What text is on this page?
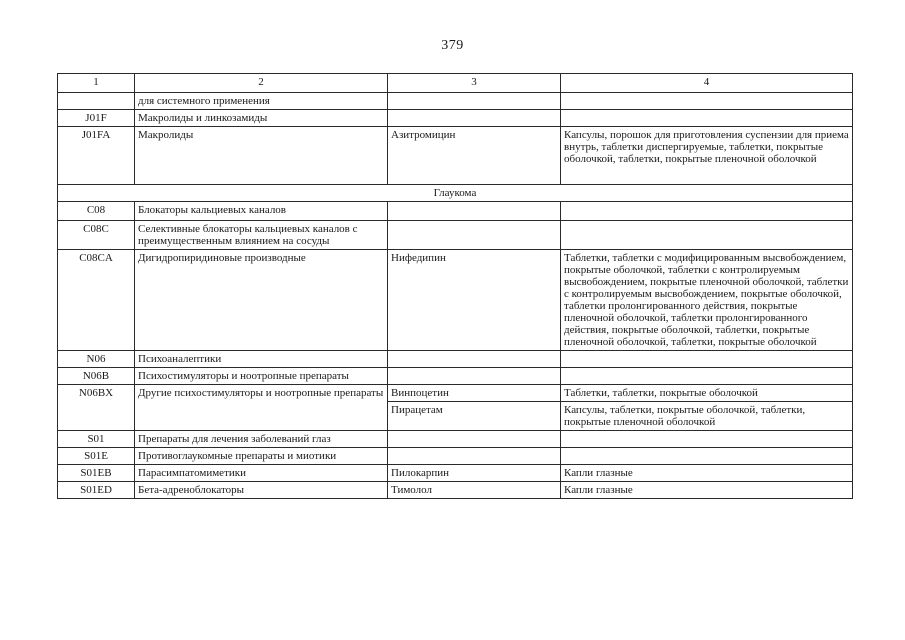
379
1	2	3	4
	для системного применения		
J01F	Макролиды и линкозамиды		
J01FA	Макролиды	Азитромицин	Капсулы, порошок для приготовления суспензии для приема внутрь, таблетки диспергируемые, таблетки, покрытые оболочкой, таблетки, покрытые пленочной оболочкой
Глаукома			
C08	Блокаторы кальциевых каналов		
C08C	Селективные блокаторы кальциевых каналов с преимущественным влиянием на сосуды		
C08CA	Дигидропиридиновые производные	Нифедипин	Таблетки, таблетки с модифицированным высвобождением, покрытые оболочкой, таблетки с контролируемым высвобождением, покрытые пленочной оболочкой, таблетки с контролируемым высвобождением, покрытые оболочкой, таблетки пролонгированного действия, покрытые пленочной оболочкой, таблетки пролонгированного действия, покрытые оболочкой, таблетки, покрытые пленочной оболочкой, таблетки, покрытые оболочкой
N06	Психоаналептики		
N06B	Психостимуляторы и ноотропные препараты		
N06BX	Другие психостимуляторы и ноотропные препараты	Винпоцетин	Таблетки, таблетки, покрытые оболочкой
		Пирацетам	Капсулы, таблетки, покрытые оболочкой, таблетки, покрытые пленочной оболочкой
S01	Препараты для лечения заболеваний глаз		
S01E	Противоглаукомные препараты и миотики		
S01EB	Парасимпатомиметики	Пилокарпин	Капли глазные
S01ED	Бета-адреноблокаторы	Тимолол	Капли глазные
